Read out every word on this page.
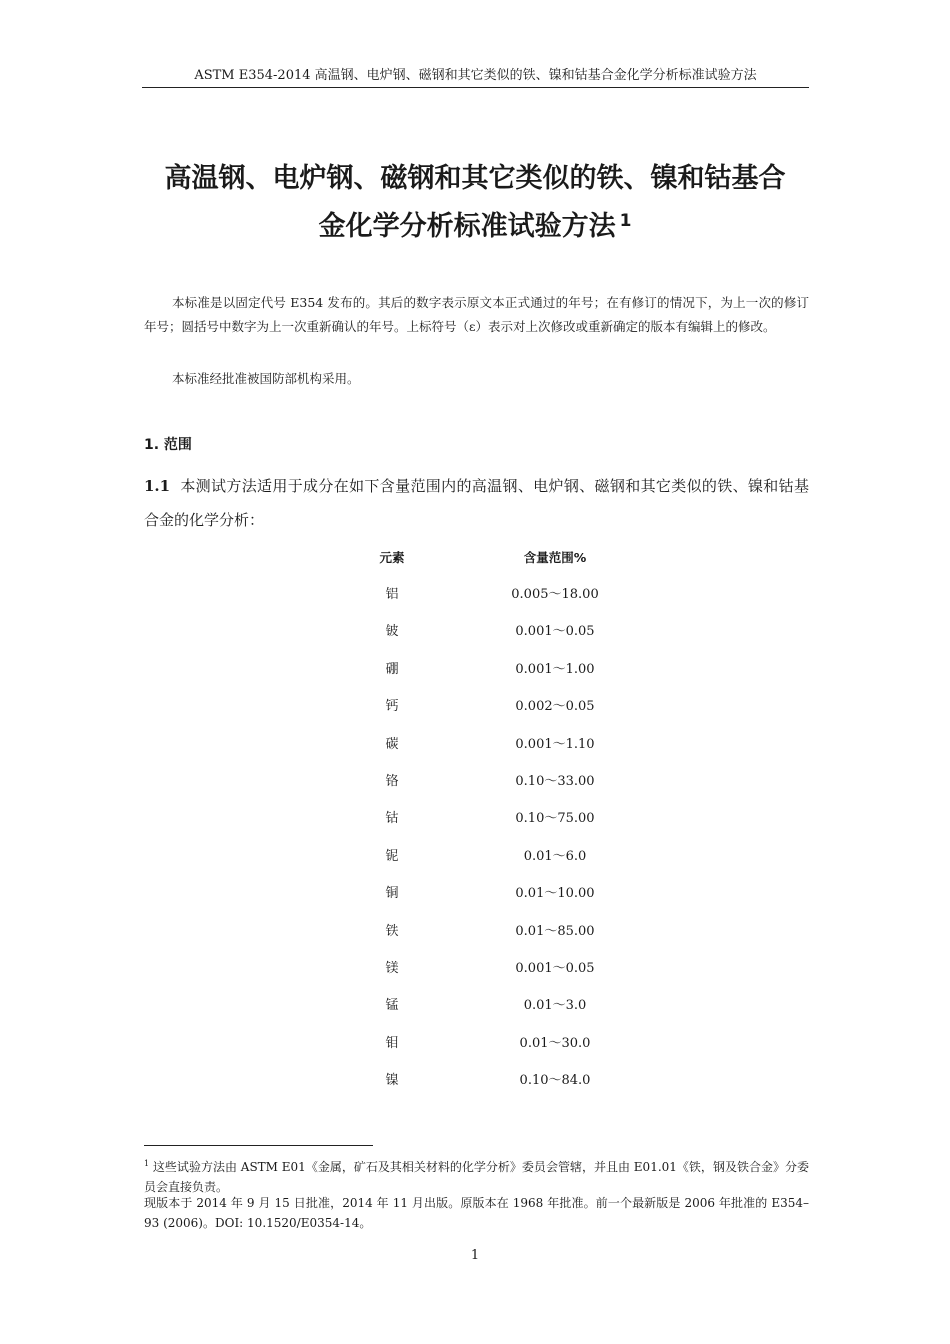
ASTM E354-2014 高温钢、电炉钢、磁钢和其它类似的铁、镍和钴基合金化学分析标准试验方法
高温钢、电炉钢、磁钢和其它类似的铁、镍和钴基合
金化学分析标准试验方法 $^1$
本标准是以固定代号 E354 发布的。其后的数字表示原文本正式通过的年号；在有修订的情况下，为上一次的修订年号；圆括号中数字为上一次重新确认的年号。上标符号（ε）表示对上次修改或重新确定的版本有编辑上的修改。
本标准经批准被国防部机构采用。
1. 范围
1.1 本测试方法适用于成分在如下含量范围内的高温钢、电炉钢、磁钢和其它类似的铁、镍和钴基合金的化学分析：
元素	含量范围%
铝	0.005～18.00
铍	0.001～0.05
硼	0.001～1.00
钙	0.002～0.05
碳	0.001～1.10
铬	0.10～33.00
钴	0.10～75.00
铌	0.01～6.0
铜	0.01～10.00
铁	0.01～85.00
镁	0.001～0.05
锰	0.01～3.0
钼	0.01～30.0
镍	0.10～84.0
$^1$ 这些试验方法由 ASTM E01《金属，矿石及其相关材料的化学分析》委员会管辖，并且由 E01.01《铁，钢及铁合金》分委员会直接负责。
现版本于 2014 年 9 月 15 日批准，2014 年 11 月出版。原版本在 1968 年批准。前一个最新版是 2006 年批准的 E354– 93 (2006)。DOI: 10.1520/E0354-14。
1
